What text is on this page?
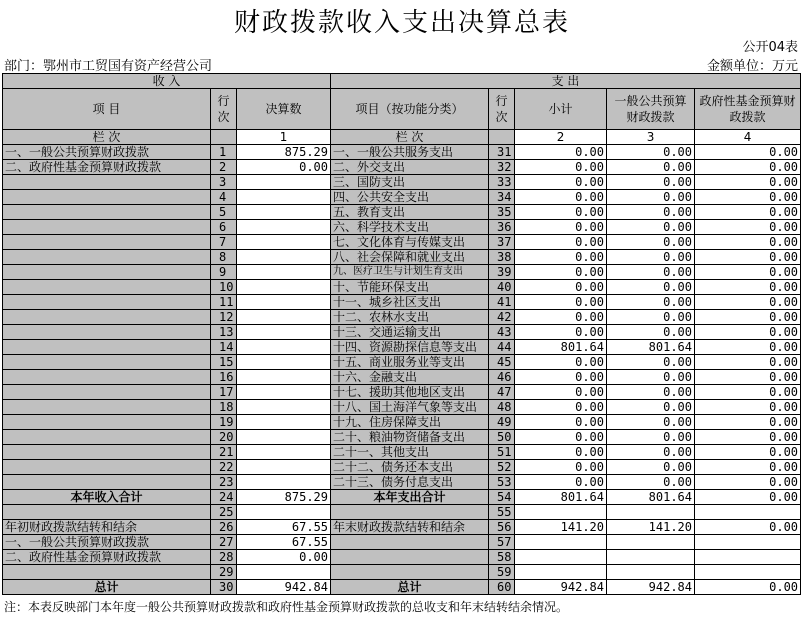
财政拨款收入支出决算总表
公开04表
部门：鄂州市工贸国有资产经营公司	金额单位：万元
收 入			支 出				
项 目	行次	决算数	项目（按功能分类）	行次	小计	一般公共预算财政拨款	政府性基金预算财政拨款
栏 次		1	栏 次		2	3	4
一、一般公共预算财政拨款	1	875.29	一、一般公共服务支出	31	0.00	0.00	0.00
二、政府性基金预算财政拨款	2	0.00	二、外交支出	32	0.00	0.00	0.00
	3		三、国防支出	33	0.00	0.00	0.00
	4		四、公共安全支出	34	0.00	0.00	0.00
	5		五、教育支出	35	0.00	0.00	0.00
	6		六、科学技术支出	36	0.00	0.00	0.00
	7		七、文化体育与传媒支出	37	0.00	0.00	0.00
	8		八、社会保障和就业支出	38	0.00	0.00	0.00
	9		九、医疗卫生与计划生育支出	39	0.00	0.00	0.00
	10		十、节能环保支出	40	0.00	0.00	0.00
	11		十一、城乡社区支出	41	0.00	0.00	0.00
	12		十二、农林水支出	42	0.00	0.00	0.00
	13		十三、交通运输支出	43	0.00	0.00	0.00
	14		十四、资源勘探信息等支出	44	801.64	801.64	0.00
	15		十五、商业服务业等支出	45	0.00	0.00	0.00
	16		十六、金融支出	46	0.00	0.00	0.00
	17		十七、援助其他地区支出	47	0.00	0.00	0.00
	18		十八、国土海洋气象等支出	48	0.00	0.00	0.00
	19		十九、住房保障支出	49	0.00	0.00	0.00
	20		二十、粮油物资储备支出	50	0.00	0.00	0.00
	21		二十一、其他支出	51	0.00	0.00	0.00
	22		二十二、债务还本支出	52	0.00	0.00	0.00
	23		二十三、债务付息支出	53	0.00	0.00	0.00
本年收入合计	24	875.29	本年支出合计	54	801.64	801.64	0.00
	25			55			
年初财政拨款结转和结余	26	67.55	年末财政拨款结转和结余	56	141.20	141.20	0.00
一、一般公共预算财政拨款	27	67.55		57			
二、政府性基金预算财政拨款	28	0.00		58			
	29			59			
总计	30	942.84	总计	60	942.84	942.84	0.00
注：本表反映部门本年度一般公共预算财政拨款和政府性基金预算财政拨款的总收支和年末结转结余情况。
